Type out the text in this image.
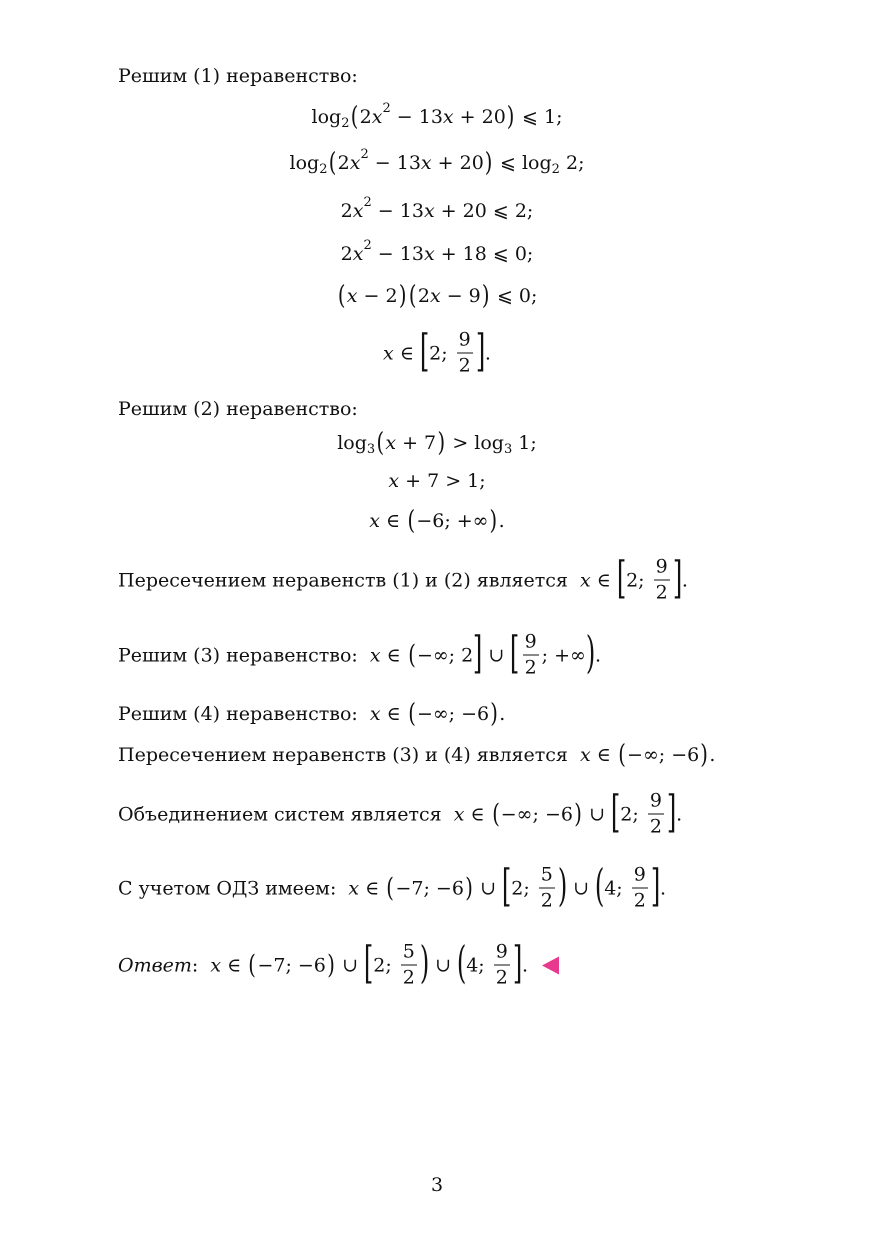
Решим (1) неравенство:
log 2 ( 2 x 2 − 13 x + 20 ) ⩽ 1;
log 2 ( 2 x 2 − 13 x + 20 ) ⩽ log 2 2;
2 x 2 − 13 x + 20 ⩽ 2;
2 x 2 − 13 x + 18 ⩽ 0;
( x − 2 ) ( 2 x − 9 ) ⩽ 0;
x ∈ [ 2; $\frac{9}{2}$ ] .
Решим (2) неравенство:
log 3 ( x + 7 ) > log 3 1;
x + 7 > 1;
x ∈ ( −6; +∞ ) .
Пересечением неравенств (1) и (2) является x ∈ [ 2; $\frac{9}{2}$ ] .
Решим (3) неравенство: x ∈ ( −∞; 2 ] ∪ [ $\frac{9}{2}$ ; +∞ ) .
Решим (4) неравенство: x ∈ ( −∞; −6 ) .
Пересечением неравенств (3) и (4) является x ∈ ( −∞; −6 ) .
Объединением систем является x ∈ ( −∞; −6 ) ∪ [ 2; $\frac{9}{2}$ ] .
С учетом ОДЗ имеем: x ∈ ( −7; −6 ) ∪ [ 2; $\frac{5}{2}$ ) ∪ ( 4; $\frac{9}{2}$ ] .
Ответ : x ∈ ( −7; −6 ) ∪ [ 2; $\frac{5}{2}$ ) ∪ ( 4; $\frac{9}{2}$ ] .
3
